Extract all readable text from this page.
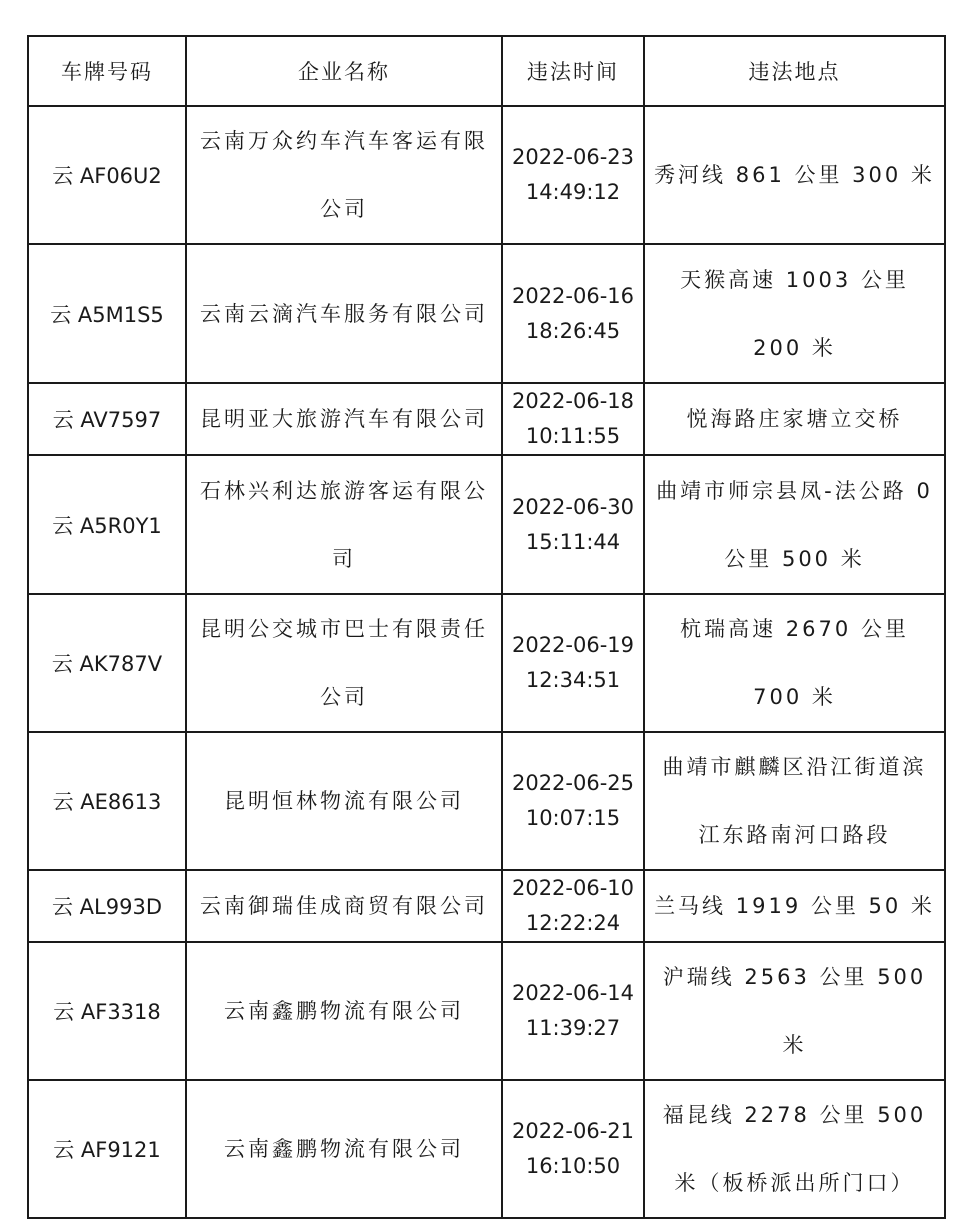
车牌号码	企业名称	违法时间	违法地点
云 AF06U2	云南万众约车汽车客运有限公司	2022-06-23 14:49:12	秀河线 861 公里 300 米
云 A5M1S5	云南云滴汽车服务有限公司	2022-06-16 18:26:45	天猴高速 1003 公里 200 米
云 AV7597	昆明亚大旅游汽车有限公司	2022-06-18 10:11:55	悦海路庄家塘立交桥
云 A5R0Y1	石林兴利达旅游客运有限公司	2022-06-30 15:11:44	曲靖市师宗县凤-法公路 0 公里 500 米
云 AK787V	昆明公交城市巴士有限责任公司	2022-06-19 12:34:51	杭瑞高速 2670 公里 700 米
云 AE8613	昆明恒林物流有限公司	2022-06-25 10:07:15	曲靖市麒麟区沿江街道滨江东路南河口路段
云 AL993D	云南御瑞佳成商贸有限公司	2022-06-10 12:22:24	兰马线 1919 公里 50 米
云 AF3318	云南鑫鹏物流有限公司	2022-06-14 11:39:27	沪瑞线 2563 公里 500 米
云 AF9121	云南鑫鹏物流有限公司	2022-06-21 16:10:50	福昆线 2278 公里 500 米（板桥派出所门口）
